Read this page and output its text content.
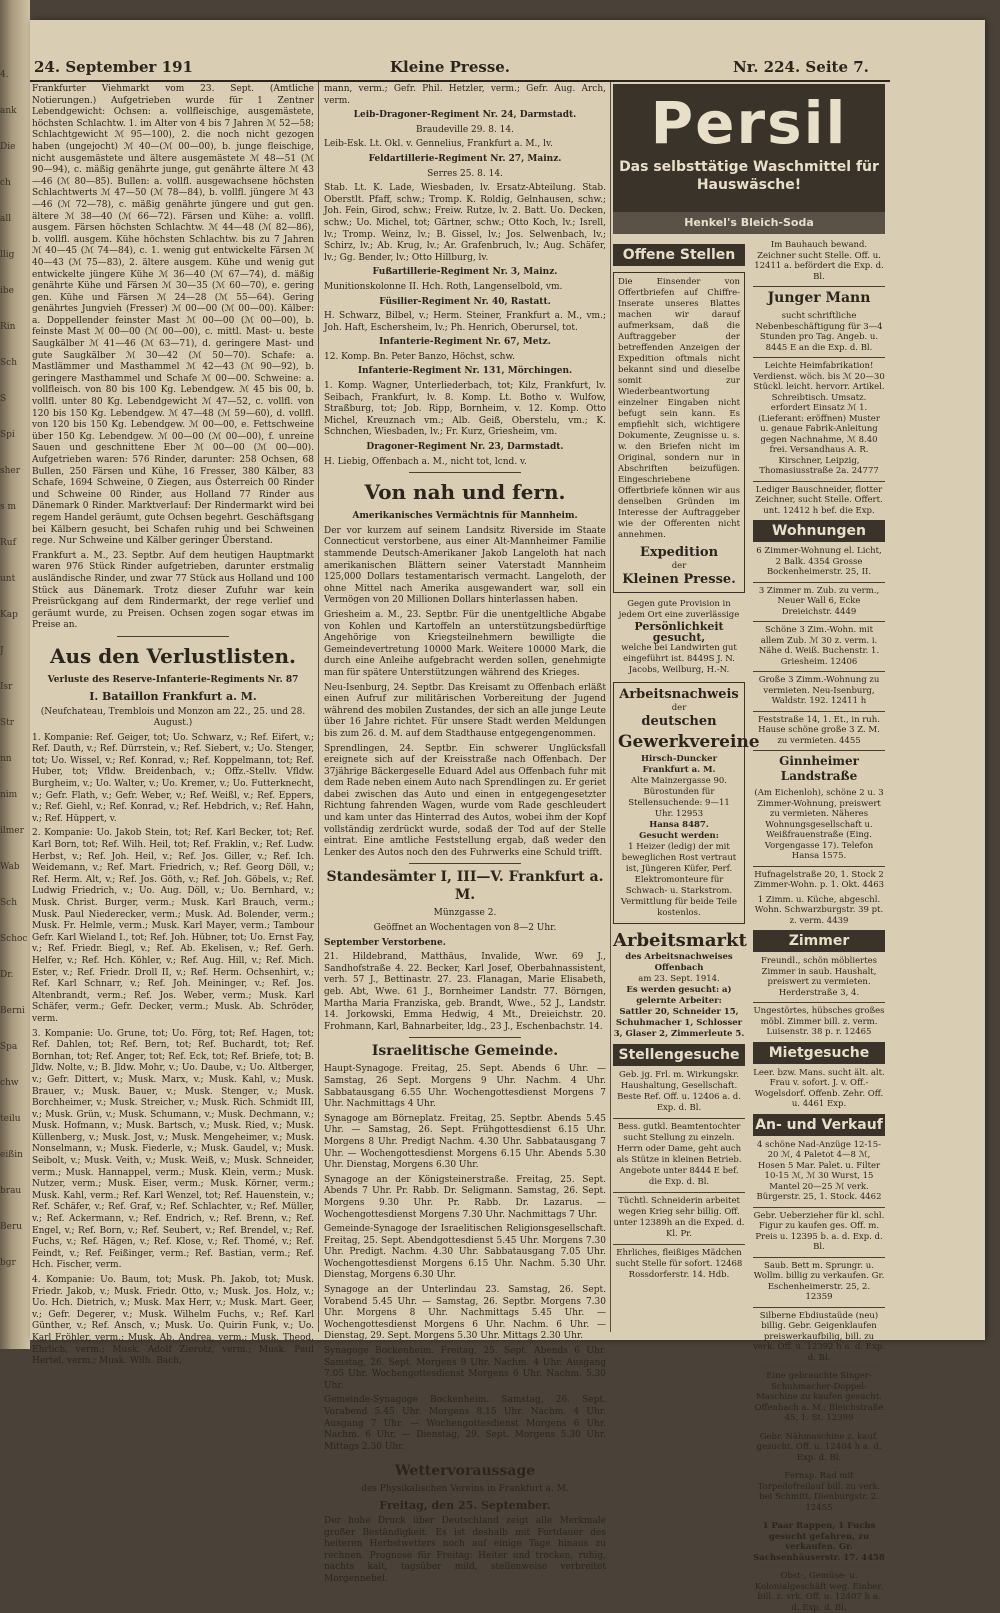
4.
ank
Die
ch
all
llig
ibe
Rin
Sch
S
Spi
sher
s m
Ruf
unt
Kap
J
Isr
Str
nn
nim
ilmer
Wab
Sch
Schoc
Dr.
Berni
Spa
chw
teilu
eißin
brau
Beru
bgr
24. September 191	Kleine Presse.	Nr. 224. Seite 7.

Frankfurter Viehmarkt vom 23. Sept. (Amtliche Notierungen.) Aufgetrieben wurde für 1 Zentner Lebendgewicht: Ochsen: a. vollfleischige, ausgemästete, höchsten Schlachtw. 1. im Alter von 4 bis 7 Jahren ℳ 52—58; Schlachtgewicht ℳ 95—100), 2. die noch nicht gezogen haben (ungejocht) ℳ 40—(ℳ 00—00), b. junge fleischige, nicht ausgemästete und ältere ausgemästete ℳ 48—51 (ℳ 90—94), c. mäßig genährte junge, gut genährte ältere ℳ 43—46 (ℳ 80—85). Bullen: a. vollfl. ausgewachsene höchsten Schlachtwerts ℳ 47—50 (ℳ 78—84), b. vollfl. jüngere ℳ 43—46 (ℳ 72—78), c. mäßig genährte jüngere und gut gen. ältere ℳ 38—40 (ℳ 66—72). Färsen und Kühe: a. vollfl. ausgem. Färsen höchsten Schlachtw. ℳ 44—48 (ℳ 82—86), b. vollfl. ausgem. Kühe höchsten Schlachtw. bis zu 7 Jahren ℳ 40—45 (ℳ 74—84), c. 1. wenig gut entwickelte Färsen ℳ 40—43 (ℳ 75—83), 2. ältere ausgem. Kühe und wenig gut entwickelte jüngere Kühe ℳ 36—40 (ℳ 67—74), d. mäßig genährte Kühe und Färsen ℳ 30—35 (ℳ 60—70), e. gering gen. Kühe und Färsen ℳ 24—28 (ℳ 55—64). Gering genährtes Jungvieh (Fresser) ℳ 00—00 (ℳ 00—00). Kälber: a. Doppellender feinster Mast ℳ 00—00 (ℳ 00—00), b. feinste Mast ℳ 00—00 (ℳ 00—00), c. mittl. Mast- u. beste Saugkälber ℳ 41—46 (ℳ 63—71), d. geringere Mast- und gute Saugkälber ℳ 30—42 (ℳ 50—70). Schafe: a. Mastlämmer und Masthammel ℳ 42—43 (ℳ 90—92), b. geringere Masthammel und Schafe ℳ 00—00. Schweine: a. vollfleisch. von 80 bis 100 Kg. Lebendgew. ℳ 45 bis 00, b. vollfl. unter 80 Kg. Lebendgewicht ℳ 47—52, c. vollfl. von 120 bis 150 Kg. Lebendgew. ℳ 47—48 (ℳ 59—60), d. vollfl. von 120 bis 150 Kg. Lebendgew. ℳ 00—00, e. Fettschweine über 150 Kg. Lebendgew. ℳ 00—00 (ℳ 00—00), f. unreine Sauen und geschnittene Eber ℳ 00—00 (ℳ 00—00). Aufgetrieben waren: 576 Rinder, darunter: 258 Ochsen, 68 Bullen, 250 Färsen und Kühe, 16 Fresser, 380 Kälber, 83 Schafe, 1694 Schweine, 0 Ziegen, aus Österreich 00 Rinder und Schweine 00 Rinder, aus Holland 77 Rinder aus Dänemark 0 Rinder. Marktverlauf: Der Rindermarkt wird bei regem Handel geräumt, gute Ochsen begehrt. Geschäftsgang bei Kälbern gesucht, bei Schafen ruhig und bei Schweinen rege. Nur Schweine und Kälber geringer Überstand.

Frankfurt a. M., 23. Septbr. Auf dem heutigen Hauptmarkt waren 976 Stück Rinder aufgetrieben, darunter erstmalig ausländische Rinder, und zwar 77 Stück aus Holland und 100 Stück aus Dänemark. Trotz dieser Zufuhr war kein Preisrückgang auf dem Rindermarkt, der rege verlief und geräumt wurde, zu Preisen. Ochsen zogen sogar etwas im Preise an.

Aus den Verlustlisten.
Verluste des Reserve-Infanterie-Regiments Nr. 87
I. Bataillon Frankfurt a. M.

(Neufchateau, Tremblois und Monzon am 22., 25. und 28. August.)

1. Kompanie: Ref. Geiger, tot; Uo. Schwarz, v.; Ref. Eifert, v.; Ref. Dauth, v.; Ref. Dürrstein, v.; Ref. Siebert, v.; Uo. Stenger, tot; Uo. Wissel, v.; Ref. Konrad, v.; Ref. Koppelmann, tot; Ref. Huber, tot; Vfldw. Breidenbach, v.; Offz.-Stellv. Vfldw. Burgheim, v.; Uo. Walter, v.; Uo. Kremer, v.; Uo. Futterknecht, v.; Gefr. Flath, v.; Gefr. Weber, v.; Ref. Weißl, v.; Ref. Eppers, v.; Ref. Giehl, v.; Ref. Konrad, v.; Ref. Hebdrich, v.; Ref. Hahn, v.; Ref. Hüppert, v.

2. Kompanie: Uo. Jakob Stein, tot; Ref. Karl Becker, tot; Ref. Karl Born, tot; Ref. Wilh. Heil, tot; Ref. Fraklin, v.; Ref. Ludw. Herbst, v.; Ref. Joh. Heil, v.; Ref. Jos. Giller, v.; Ref. Ich. Weidemann, v.; Ref. Mart. Friedrich, v.; Ref. Georg Döll, v.; Ref. Herm. Alt, v.; Ref. Jos. Göth, v.; Ref. Joh. Göbels, v.; Ref. Ludwig Friedrich, v.; Uo. Aug. Döll, v.; Uo. Bernhard, v.; Musk. Christ. Burger, verm.; Musk. Karl Brauch, verm.; Musk. Paul Niederecker, verm.; Musk. Ad. Bolender, verm.; Musk. Fr. Helmle, verm.; Musk. Karl Mayer, verm.; Tambour Gefr. Karl Wieland I., tot; Ref. Joh. Hübner, tot; Uo. Ernst Fay, v.; Ref. Friedr. Biegl, v.; Ref. Ab. Ekelisen, v.; Ref. Gerh. Helfer, v.; Ref. Hch. Köhler, v.; Ref. Aug. Hill, v.; Ref. Mich. Ester, v.; Ref. Friedr. Droll II, v.; Ref. Herm. Ochsenhirt, v.; Ref. Karl Schnarr, v.; Ref. Joh. Meininger, v.; Ref. Jos. Altenbrandt, verm.; Ref. Jos. Weber, verm.; Musk. Karl Schäfer, verm.; Gefr. Decker, verm.; Musk. Ab. Schröder, verm.

3. Kompanie: Uo. Grune, tot; Uo. Förg, tot; Ref. Hagen, tot; Ref. Dahlen, tot; Ref. Bern, tot; Ref. Buchardt, tot; Ref. Bornhan, tot; Ref. Anger, tot; Ref. Eck, tot; Ref. Briefe, tot; B. Jldw. Nolte, v.; B. Jldw. Mohr, v.; Uo. Daube, v.; Uo. Altberger, v.; Gefr. Dittert, v.; Musk. Marx, v.; Musk. Kahl, v.; Musk. Brauer, v.; Musk. Bauer, v.; Musk. Stenger, v.; Musk. Borchheimer, v.; Musk. Streicher, v.; Musk. Rich. Schmidt III, v.; Musk. Grün, v.; Musk. Schumann, v.; Musk. Dechmann, v.; Musk. Hofmann, v.; Musk. Bartsch, v.; Musk. Ried, v.; Musk. Küllenberg, v.; Musk. Jost, v.; Musk. Mengeheimer, v.; Musk. Nonselmann, v.; Musk. Fiederle, v.; Musk. Gaudel, v.; Musk. Seibolt, v.; Musk. Veith, v.; Musk. Weiß, v.; Musk. Schneider, verm.; Musk. Hannappel, verm.; Musk. Klein, verm.; Musk. Nutzer, verm.; Musk. Eiser, verm.; Musk. Körner, verm.; Musk. Kahl, verm.; Ref. Karl Wenzel, tot; Ref. Hauenstein, v.; Ref. Schäfer, v.; Ref. Graf, v.; Ref. Schlachter, v.; Ref. Müller, v.; Ref. Ackermann, v.; Ref. Endrich, v.; Ref. Brenn, v.; Ref. Engel, v.; Ref. Born, v.; Ref. Seubert, v.; Ref. Brendel, v.; Ref. Fuchs, v.; Ref. Hägen, v.; Ref. Klose, v.; Ref. Thomé, v.; Ref. Feindt, v.; Ref. Feißinger, verm.; Ref. Bastian, verm.; Ref. Hch. Fischer, verm.

4. Kompanie: Uo. Baum, tot; Musk. Ph. Jakob, tot; Musk. Friedr. Jakob, v.; Musk. Friedr. Otto, v.; Musk. Jos. Holz, v.; Uo. Hch. Dietrich, v.; Musk. Max Herr, v.; Musk. Mart. Geer, v.; Gefr. Degerer, v.; Musk. Wilhelm Fuchs, v.; Ref. Karl Günther, v.; Ref. Ansch, v.; Musk. Uo. Quirin Funk, v.; Uo. Karl Fröhler, verm.; Musk. Ab. Andrea, verm.; Musk. Theod. Ehrlich, verm.; Musk. Adolf Zierotz, verm.; Musk. Paul Hertel, verm.; Musk. Wilh. Bach,

mann, verm.; Gefr. Phil. Hetzler, verm.; Gefr. Aug. Arch, verm.

Leib-Dragoner-Regiment Nr. 24, Darmstadt.
Braudeville 29. 8. 14.

Leib-Esk. Lt. Okl. v. Gennelius, Frankfurt a. M., lv.

Feldartillerie-Regiment Nr. 27, Mainz.
Serres 25. 8. 14.

Stab. Lt. K. Lade, Wiesbaden, lv. Ersatz-Abteilung. Stab. Oberstlt. Pfaff, schw.; Tromp. K. Roldig, Gelnhausen, schw.; Joh. Fein, Girod, schw.; Freiw. Rutze, lv. 2. Batt. Uo. Decken, schw.; Uo. Michel, tot; Gärtner, schw.; Otto Koch, lv.; Isrell, lv.; Tromp. Weinz, lv.; B. Gissel, lv.; Jos. Selwenbach, lv.; Schirz, lv.; Ab. Krug, lv.; Ar. Grafenbruch, lv.; Aug. Schäfer, lv.; Gg. Bender, lv.; Otto Hillburg, lv.

Fußartillerie-Regiment Nr. 3, Mainz.

Munitionskolonne II. Hch. Roth, Langenselbold, vm.

Füsilier-Regiment Nr. 40, Rastatt.

H. Schwarz, Bilbel, v.; Herm. Steiner, Frankfurt a. M., vm.; Joh. Haft, Eschersheim, lv.; Ph. Henrich, Oberursel, tot.

Infanterie-Regiment Nr. 67, Metz.

12. Komp. Bn. Peter Banzo, Höchst, schw.

Infanterie-Regiment Nr. 131, Mörchingen.

1. Komp. Wagner, Unterliederbach, tot; Kilz, Frankfurt, lv. Seibach, Frankfurt, lv. 8. Komp. Lt. Botho v. Wulfow, Straßburg, tot; Job. Ripp, Bornheim, v. 12. Komp. Otto Michel, Kreuznach vm.; Alb. Geiß, Oberstelu, vm.; K. Schnchen, Wiesbaden, lv.; Fr. Kurz, Griesheim, vm.

Dragoner-Regiment Nr. 23, Darmstadt.

H. Liebig, Offenbach a. M., nicht tot, lcnd. v.

Von nah und fern.
Amerikanisches Vermächtnis für Mannheim.

Der vor kurzem auf seinem Landsitz Riverside im Staate Connecticut verstorbene, aus einer Alt-Mannheimer Familie stammende Deutsch-Amerikaner Jakob Langeloth hat nach amerikanischen Blättern seiner Vaterstadt Mannheim 125,000 Dollars testamentarisch vermacht. Langeloth, der ohne Mittel nach Amerika ausgewandert war, soll ein Vermögen von 20 Millionen Dollars hinterlassen haben.

Griesheim a. M., 23. Septbr. Für die unentgeltliche Abgabe von Kohlen und Kartoffeln an unterstützungsbedürftige Angehörige von Kriegsteilnehmern bewilligte die Gemeindevertretung 10000 Mark. Weitere 10000 Mark, die durch eine Anleihe aufgebracht werden sollen, genehmigte man für spätere Unterstützungen während des Krieges.

Neu-Isenburg, 24. Septbr. Das Kreisamt zu Offenbach erläßt einen Aufruf zur militärischen Vorbereitung der Jugend während des mobilen Zustandes, der sich an alle junge Leute über 16 Jahre richtet. Für unsere Stadt werden Meldungen bis zum 26. d. M. auf dem Stadthause entgegengenommen.

Sprendlingen, 24. Septbr. Ein schwerer Unglücksfall ereignete sich auf der Kreisstraße nach Offenbach. Der 37jährige Bäckergeselle Eduard Adel aus Offenbach fuhr mit dem Rade neben einem Auto nach Sprendlingen zu. Er geriet dabei zwischen das Auto und einen in entgegengesetzter Richtung fahrenden Wagen, wurde vom Rade geschleudert und kam unter das Hinterrad des Autos, wobei ihm der Kopf vollständig zerdrückt wurde, sodaß der Tod auf der Stelle eintrat. Eine amtliche Feststellung ergab, daß weder den Lenker des Autos noch den des Fuhrwerks eine Schuld trifft.

Standesämter I, III—V. Frankfurt a. M.
Münzgasse 2.
Geöffnet an Wochentagen von 8—2 Uhr.
September Verstorbene.

21. Hildebrand, Matthäus, Invalide, Wwr. 69 J., Sandhofstraße 4. 22. Becker, Karl Josef, Oberbahnassistent, verh. 57 J., Bettinastr. 27. 23. Flanagan, Marie Elisabeth, geb. Abt, Wwe. 61 J., Bornheimer Landstr. 77. Börngen, Martha Maria Franziska, geb. Brandt, Wwe., 52 J., Landstr. 14. Jorkowski, Emma Hedwig, 4 Mt., Dreieichstr. 20. Frohmann, Karl, Bahnarbeiter, ldg., 23 J., Eschenbachstr. 14.

Israelitische Gemeinde.

Haupt-Synagoge. Freitag, 25. Sept. Abends 6 Uhr. — Samstag, 26 Sept. Morgens 9 Uhr. Nachm. 4 Uhr. Sabbatausgang 6.55 Uhr. Wochengottesdienst Morgens 7 Uhr. Nachmittags 4 Uhr.

Synagoge am Börneplatz. Freitag, 25. Septbr. Abends 5.45 Uhr. — Samstag, 26. Sept. Frühgottesdienst 6.15 Uhr. Morgens 8 Uhr. Predigt Nachm. 4.30 Uhr. Sabbatausgang 7 Uhr. — Wochengottesdienst Morgens 6.15 Uhr. Abends 5.30 Uhr. Dienstag, Morgens 6.30 Uhr.

Synagoge an der Königsteinerstraße. Freitag, 25. Sept. Abends 7 Uhr. Pr. Rabb. Dr. Seligmann. Samstag, 26. Sept. Morgens 9.30 Uhr. Pr. Rabb. Dr. Lazarus. — Wochengottesdienst Morgens 7.30 Uhr. Nachmittags 7 Uhr.

Gemeinde-Synagoge der Israelitischen Religionsgesellschaft. Freitag, 25. Sept. Abendgottesdienst 5.45 Uhr. Morgens 7.30 Uhr. Predigt. Nachm. 4.30 Uhr. Sabbatausgang 7.05 Uhr. Wochengottesdienst Morgens 6.15 Uhr. Nachm. 5.30 Uhr. Dienstag, Morgens 6.30 Uhr.

Synagoge an der Unterlindau 23. Samstag, 26. Sept. Vorabend 5.45 Uhr. — Samstag, 26. Septbr. Morgens 7.30 Uhr. Morgens 8 Uhr. Nachmittags 5.45 Uhr. — Wochengottesdienst Morgens 6 Uhr. Nachm. 6 Uhr. — Dienstag, 29. Sept. Morgens 5.30 Uhr. Mittags 2.30 Uhr.

Synagoge Bockenheim. Freitag, 25. Sept. Abends 6 Uhr. Samstag, 26. Sept. Morgens 9 Uhr. Nachm. 4 Uhr. Ausgang 7.05 Uhr. Wochengottesdienst Morgens 6 Uhr. Nachm. 5.30 Uhr.

Gemeinde-Synagoge Bockenheim. Samstag, 26. Sept. Vorabend 5.45 Uhr. Morgens 8.15 Uhr. Nachm. 4 Uhr. Ausgang 7 Uhr. — Wochengottesdienst Morgens 6 Uhr. Nachm. 6 Uhr. — Dienstag, 29. Sept. Morgens 5.30 Uhr. Mittags 2.30 Uhr.

Wettervoraussage
des Physikalischen Vereins in Frankfurt a. M.
Freitag, den 25. September.

Der hohe Druck über Deutschland zeigt alle Merkmale großer Beständigkeit. Es ist deshalb mit Fortdauer des heiteren Herbstwetters noch auf einige Tage hinaus zu rechnen. Prognose für Freitag: Heiter und trocken, ruhig, nachts kalt, tagsüber mild, stellenweise verbreitet Morgennebel.

Persil
Das selbsttätige Waschmittel für Hauswäsche!
Henkel's Bleich-Soda
Offene Stellen

Die Einsender von Offertbriefen auf Chiffre-Inserate unseres Blattes machen wir darauf aufmerksam, daß die Auftraggeber der betreffenden Anzeigen der Expedition oftmals nicht bekannt sind und dieselbe somit zur Wiederbeantwortung einzelner Eingaben nicht befugt sein kann. Es empfiehlt sich, wichtigere Dokumente, Zeugnisse u. s. w. den Briefen nicht im Original, sondern nur in Abschriften beizufügen. Eingeschriebene Offertbriefe können wir aus denselben Gründen im Interesse der Auftraggeber wie der Offerenten nicht annehmen.

Expedition
der
Kleinen Presse.
Gegen gute Provision in jedem Ort eine zuverlässige
Persönlichkeit gesucht,
welche bei Landwirten gut eingeführt ist. 8449S J. N. Jacobs, Weilburg, H.-N.
Arbeitsnachweis
der
deutschen
Gewerkvereine
Hirsch-Duncker
Frankfurt a. M.
Alte Mainzergasse 90.
Bürostunden für Stellensuchende: 9—11 Uhr. 12953
Hansa 8487.
Gesucht werden:
1 Heizer (ledig) der mit beweglichen Rost vertraut ist, Jüngeren Küfer, Perf. Elektromonteure für Schwach- u. Starkstrom. Vermittlung für beide Teile kostenlos.
Arbeitsmarkt
des Arbeitsnachweises Offenbach
am 23. Sept. 1914.
Es werden gesucht: a) gelernte Arbeiter:
Sattler 20, Schneider 15, Schuhmacher 1, Schlosser 3, Glaser 2, Zimmerleute 5.
Stellengesuche
Geb. jg. Frl. m. Wirkungskr. Haushaltung, Gesellschaft. Beste Ref. Off. u. 12406 a. d. Exp. d. Bl.
Bess. gutkl. Beamtentochter sucht Stellung zu einzeln. Herrn oder Dame, geht auch als Stütze in kleinen Betrieb. Angebote unter 8444 E bef. die Exp. d. Bl.
Tüchtl. Schneiderin arbeitet wegen Krieg sehr billig. Off. unter 12389h an die Exped. d. Kl. Pr.
Ehrliches, fleißiges Mädchen sucht Stelle für sofort. 12468 Rossdorferstr. 14. Hdb.
Im Bauhauch bewand. Zeichner sucht Stelle. Off. u. 12411 a. befördert die Exp. d. Bl.
Junger Mann
sucht schriftliche Nebenbeschäftigung für 3—4 Stunden pro Tag. Angeb. u. 8445 E an die Exp. d. Bl.
Leichte Heimfabrikation! Verdienst. wöch. bis ℳ 20—30 Stückl. leicht. hervorr. Artikel. Schreibtisch. Umsatz. erfordert Einsatz ℳ 1. (Lieferant: eröffnen) Muster u. genaue Fabrik-Anleitung gegen Nachnahme, ℳ 8.40 frei. Versandhaus A. R. Kirschner, Leipzig, Thomasiusstraße 2a. 24777
Lediger Bauschneider, flotter Zeichner, sucht Stelle. Offert. unt. 12412 h bef. die Exp.
Wohnungen
6 Zimmer-Wohnung el. Licht, 2 Balk. 4354 Grosse Bockenheimerstr. 25, II.
3 Zimmer m. Zub. zu verm., Neuer Wall 6, Ecke Dreieichstr. 4449
Schöne 3 Zim.-Wohn. mit allem Zub. ℳ 30 z. verm. i. Nähe d. Weiß. Buchenstr. 1. Griesheim. 12406
Große 3 Zimm.-Wohnung zu vermieten. Neu-Isenburg, Waldstr. 192. 12411 h
Feststraße 14, 1. Et., in ruh. Hause schöne große 3 Z. M. zu vermieten. 4455
Ginnheimer Landstraße
(Am Eichenloh), schöne 2 u. 3 Zimmer-Wohnung, preiswert zu vermieten. Näheres Wohnungsgesellschaft u. Weißfrauenstraße (Eing. Vorgengasse 17). Telefon Hansa 1575.
Hufnagelstraße 20, 1. Stock 2 Zimmer-Wohn. p. 1. Okt. 4463
1 Zimm. u. Küche, abgeschl. Wohn. Schwarzburgstr. 39 pt. z. verm. 4439
Zimmer
Freundl., schön möbliertes Zimmer in saub. Haushalt, preiswert zu vermieten. Herderstraße 3, 4.
Ungestörtes, hübsches großes möbl. Zimmer bill. z. verm. Luisenstr. 38 p. r. 12465
Mietgesuche
Leer. bzw. Mans. sucht ält. alt. Frau v. sofort. J. v. Off.-Wogelsdorf. Offenb. Zehr. Off. u. 4461 Exp.
An- und Verkauf
4 schöne Nad-Anzüge 12-15-20 ℳ, 4 Paletot 4—8 ℳ, Hosen 5 Mar. Palet. u. Filter 10-15 ℳ, ℳ 30 Wurst, 15 Mantel 20—25 ℳ verk. Bürgerstr. 25, 1. Stock. 4462
Gebr. Ueberzieher für kl. schl. Figur zu kaufen ges. Off. m. Preis u. 12395 b. a. d. Exp. d. Bl.
Saub. Bett m. Sprungr. u. Wollm. billig zu verkaufen. Gr. Eschenheimerstr. 25, 2. 12359
Silberne Ebdiustaüde (neu) billig. Gebr. Geigenklaufen preiswerkaufbilig, bill. zu verk. Off. u. 12392 h a. d. Exp. d. Bl.
Eine gebrauchte Singer-Schuhmacher-Doppel-Maschine zu kaufen gesucht. Offenbach a. M., Bleichstraße 45, 1. St. 12399
Gebr. Nähmaschine z. kauf. gesucht. Off. u. 12404 h a. d. Exp. d. Bl.
Fernsp. Rad mit Torpedofreilauf bill. zu verk. bei Schmitt, Dienburgstr. 2. 12455
1 Paar Rappen, 1 Fuchs gesucht gefahren, zu verkaufen. Gr. Sachsenhäuserstr. 17. 4458
Obst-, Gemüse- u. Kolonialgeschäft weg. Einber. bill. z. vrk. Off. u. 12407 h a. d. Exp. d. Bl.
